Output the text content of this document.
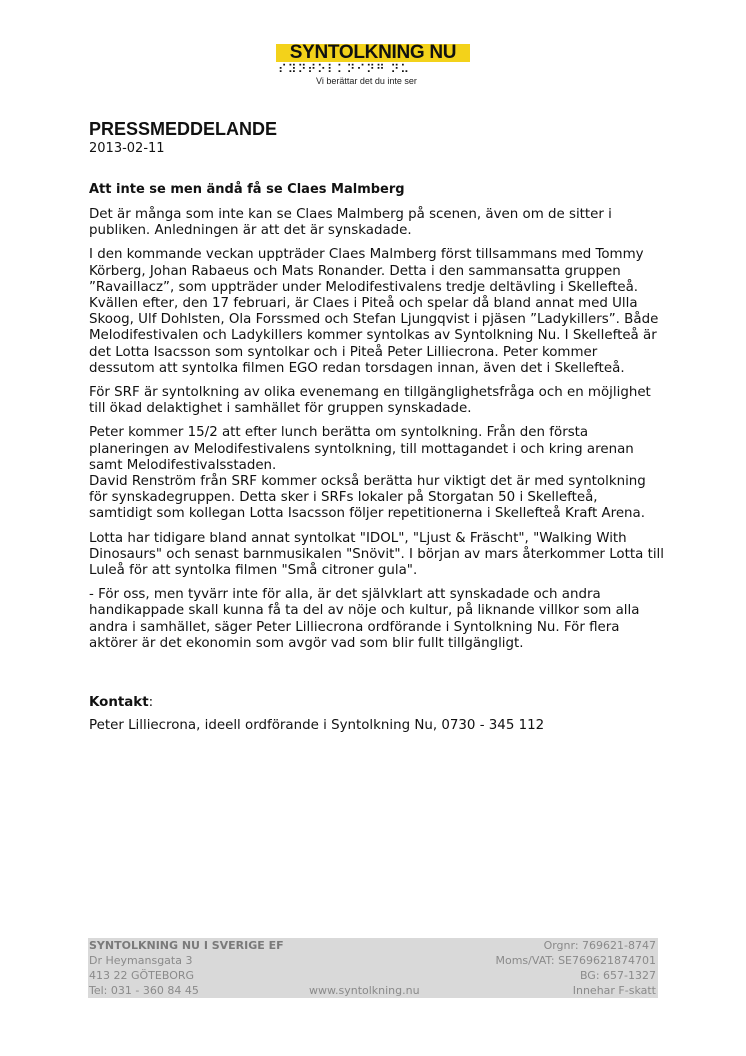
SYNTOLKNING NU
⠎⠽⠝⠞⠕⠇⠅⠝⠊⠝⠛ ⠝⠥
Vi berättar det du inte ser
PRESSMEDDELANDE

2013-02-11

Att inte se men ändå få se Claes Malmberg

Det är många som inte kan se Claes Malmberg på scenen, även om de sitter i publiken. Anledningen är att det är synskadade.

I den kommande veckan uppträder Claes Malmberg först tillsammans med Tommy Körberg, Johan Rabaeus och Mats Ronander. Detta i den sammansatta gruppen ”Ravaillacz”, som uppträder under Melodifestivalens tredje deltävling i Skellefteå. Kvällen efter, den 17 februari, är Claes i Piteå och spelar då bland annat med Ulla Skoog, Ulf Dohlsten, Ola Forssmed och Stefan Ljungqvist i pjäsen ”Ladykillers”. Både Melodifestivalen och Ladykillers kommer syntolkas av Syntolkning Nu. I Skellefteå är det Lotta Isacsson som syntolkar och i Piteå Peter Lilliecrona. Peter kommer dessutom att syntolka filmen EGO redan torsdagen innan, även det i Skellefteå.

För SRF är syntolkning av olika evenemang en tillgänglighetsfråga och en möjlighet till ökad delaktighet i samhället för gruppen synskadade.

Peter kommer 15/2 att efter lunch berätta om syntolkning. Från den första planeringen av Melodifestivalens syntolkning, till mottagandet i och kring arenan samt Melodifestivalsstaden.

David Renström från SRF kommer också berätta hur viktigt det är med syntolkning för synskadegruppen. Detta sker i SRFs lokaler på Storgatan 50 i Skellefteå, samtidigt som kollegan Lotta Isacsson följer repetitionerna i Skellefteå Kraft Arena.

Lotta har tidigare bland annat syntolkat "IDOL", "Ljust & Fräscht", "Walking With Dinosaurs" och senast barnmusikalen "Snövit". I början av mars återkommer Lotta till Luleå för att syntolka filmen "Små citroner gula".

- För oss, men tyvärr inte för alla, är det självklart att synskadade och andra handikappade skall kunna få ta del av nöje och kultur, på liknande villkor som alla andra i samhället, säger Peter Lilliecrona ordförande i Syntolkning Nu. För flera aktörer är det ekonomin som avgör vad som blir fullt tillgängligt.

Kontakt:

Peter Lilliecrona, ideell ordförande i Syntolkning Nu, 0730 - 345 112

SYNTOLKNING NU I SVERIGE EF	Orgnr: 769621-8747
Dr Heymansgata 3	Moms/VAT: SE769621874701
413 22 GÖTEBORG	BG: 657-1327
Tel: 031 - 360 84 45	www.syntolkning.nu	Innehar F-skatt
